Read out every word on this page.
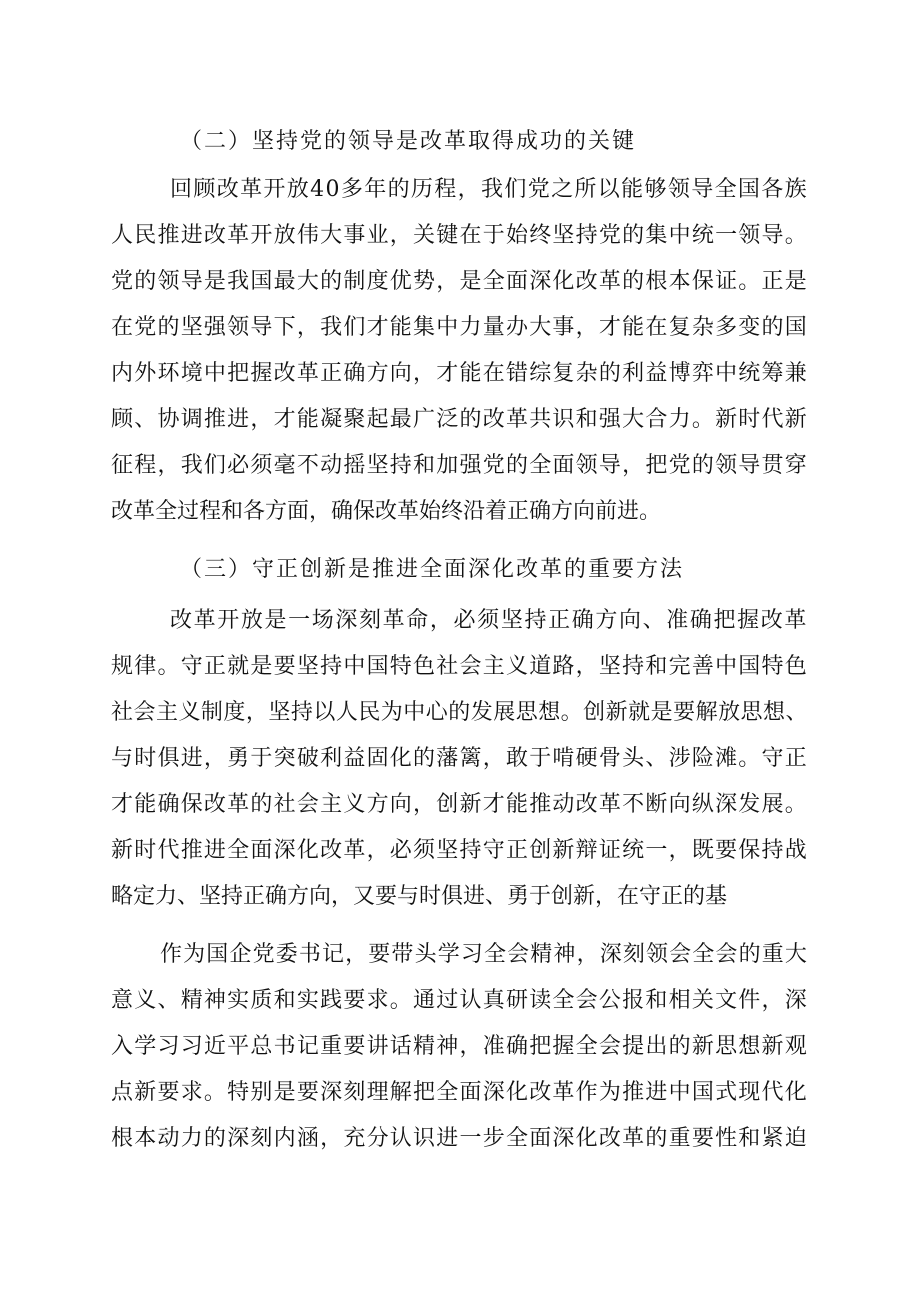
（二）坚持党的领导是改革取得成功的关键

回顾改革开放40多年的历程，我们党之所以能够领导全国各族

人民推进改革开放伟大事业，关键在于始终坚持党的集中统一领导。

党的领导是我国最大的制度优势，是全面深化改革的根本保证。正是

在党的坚强领导下，我们才能集中力量办大事，才能在复杂多变的国

内外环境中把握改革正确方向，才能在错综复杂的利益博弈中统筹兼

顾、协调推进，才能凝聚起最广泛的改革共识和强大合力。新时代新

征程，我们必须毫不动摇坚持和加强党的全面领导，把党的领导贯穿

改革全过程和各方面，确保改革始终沿着正确方向前进。

（三）守正创新是推进全面深化改革的重要方法

改革开放是一场深刻革命，必须坚持正确方向、准确把握改革

规律。守正就是要坚持中国特色社会主义道路，坚持和完善中国特色

社会主义制度，坚持以人民为中心的发展思想。创新就是要解放思想、

与时俱进，勇于突破利益固化的藩篱，敢于啃硬骨头、涉险滩。守正

才能确保改革的社会主义方向，创新才能推动改革不断向纵深发展。

新时代推进全面深化改革，必须坚持守正创新辩证统一，既要保持战

略定力、坚持正确方向，又要与时俱进、勇于创新，在守正的基

作为国企党委书记，要带头学习全会精神，深刻领会全会的重大

意义、精神实质和实践要求。通过认真研读全会公报和相关文件，深

入学习习近平总书记重要讲话精神，准确把握全会提出的新思想新观

点新要求。特别是要深刻理解把全面深化改革作为推进中国式现代化

根本动力的深刻内涵，充分认识进一步全面深化改革的重要性和紧迫
